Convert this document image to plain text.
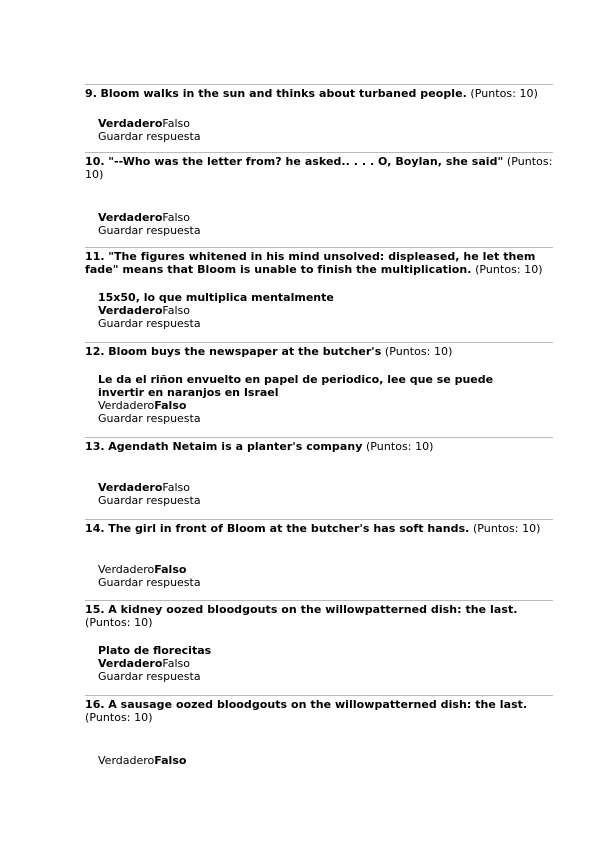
9. Bloom walks in the sun and thinks about turbaned people. (Puntos: 10)
VerdaderoFalso
Guardar respuesta
10. "--Who was the letter from? he asked.. . . . O, Boylan, she said" (Puntos: 10)
VerdaderoFalso
Guardar respuesta
11. "The figures whitened in his mind unsolved: displeased, he let them fade" means that Bloom is unable to finish the multiplication. (Puntos: 10)
15x50, lo que multiplica mentalmente
VerdaderoFalso
Guardar respuesta
12. Bloom buys the newspaper at the butcher's (Puntos: 10)
Le da el riñon envuelto en papel de periodico, lee que se puede invertir en naranjos en Israel
VerdaderoFalso
Guardar respuesta
13. Agendath Netaim is a planter's company (Puntos: 10)
VerdaderoFalso
Guardar respuesta
14. The girl in front of Bloom at the butcher's has soft hands. (Puntos: 10)
VerdaderoFalso
Guardar respuesta
15. A kidney oozed bloodgouts on the willowpatterned dish: the last. (Puntos: 10)
Plato de florecitas
VerdaderoFalso
Guardar respuesta
16. A sausage oozed bloodgouts on the willowpatterned dish: the last. (Puntos: 10)
VerdaderoFalso
